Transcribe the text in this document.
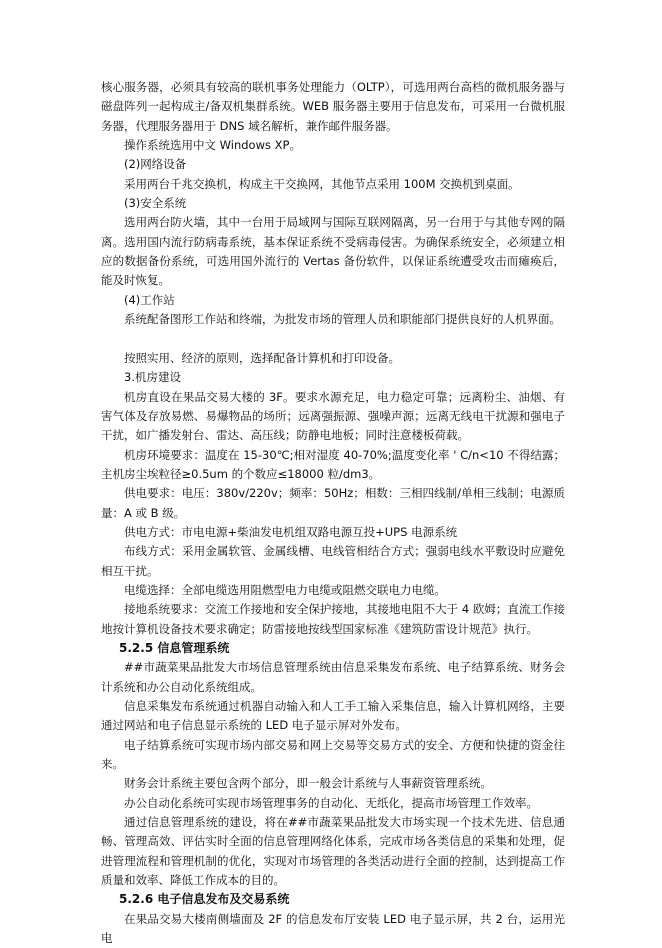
核心服务器，必须具有较高的联机事务处理能力（OLTP），可选用两台高档的微机服务器与磁盘阵列一起构成主/备双机集群系统。WEB 服务器主要用于信息发布，可采用一台微机服务器，代理服务器用于 DNS 域名解析，兼作邮件服务器。

操作系统选用中文 Windows XP。

(2)网络设备

采用两台千兆交换机，构成主干交换网，其他节点采用 100M 交换机到桌面。

(3)安全系统

选用两台防火墙，其中一台用于局域网与国际互联网隔离，另一台用于与其他专网的隔离。选用国内流行防病毒系统，基本保证系统不受病毒侵害。为确保系统安全，必须建立相应的数据备份系统，可选用国外流行的 Vertas 备份软件，以保证系统遭受攻击而瘫痪后，能及时恢复。

(4)工作站

系统配备图形工作站和终端，为批发市场的管理人员和职能部门提供良好的人机界面。

按照实用、经济的原则，选择配备计算机和打印设备。

3.机房建设

机房直设在果品交易大楼的 3F。要求水源充足，电力稳定可靠；远离粉尘、油烟、有害气体及存放易燃、易爆物品的场所；远离强振源、强噪声源；远离无线电干扰源和强电子干扰，如广播发射台、雷达、高压线；防静电地板；同时注意楼板荷载。

机房环境要求：温度在 15-30℃;相对湿度 40-70%;温度变化率 ' C/n<10 不得结露；主机房尘埃粒径≥0.5um 的个数应≤18000 粒/dm3。

供电要求：电压：380v/220v；频率：50Hz；相数：三相四线制/单相三线制；电源质量：A 或 B 级。

供电方式：市电电源+柴油发电机组双路电源互投+UPS 电源系统

布线方式：采用金属软管、金属线槽、电线管相结合方式；强弱电线水平敷设时应避免相互干扰。

电缆选择：全部电缆选用阻燃型电力电缆或阻燃交联电力电缆。

接地系统要求：交流工作接地和安全保护接地，其接地电阻不大于 4 欧姆；直流工作接地按计算机设备技术要求确定；防雷接地按线型国家标准《建筑防雷设计规范》执行。

5.2.5 信息管理系统

##市蔬菜果品批发大市场信息管理系统由信息采集发布系统、电子结算系统、财务会计系统和办公自动化系统组成。

信息采集发布系统通过机器自动输入和人工手工输入采集信息，输入计算机网络，主要通过网站和电子信息显示系统的 LED 电子显示屏对外发布。

电子结算系统可实现市场内部交易和网上交易等交易方式的安全、方便和快捷的资金往来。

财务会计系统主要包含两个部分，即一般会计系统与人事薪资管理系统。

办公自动化系统可实现市场管理事务的自动化、无纸化，提高市场管理工作效率。

通过信息管理系统的建设，将在##市蔬菜果品批发大市场实现一个技术先进、信息通畅、管理高效、评估实时全面的信息管理网络化体系，完成市场各类信息的采集和处理，促进管理流程和管理机制的优化，实现对市场管理的各类活动进行全面的控制，达到提高工作质量和效率、降低工作成本的目的。

5.2.6 电子信息发布及交易系统

在果品交易大楼南侧墙面及 2F 的信息发布厅安装 LED 电子显示屏，共 2 台，运用光电
